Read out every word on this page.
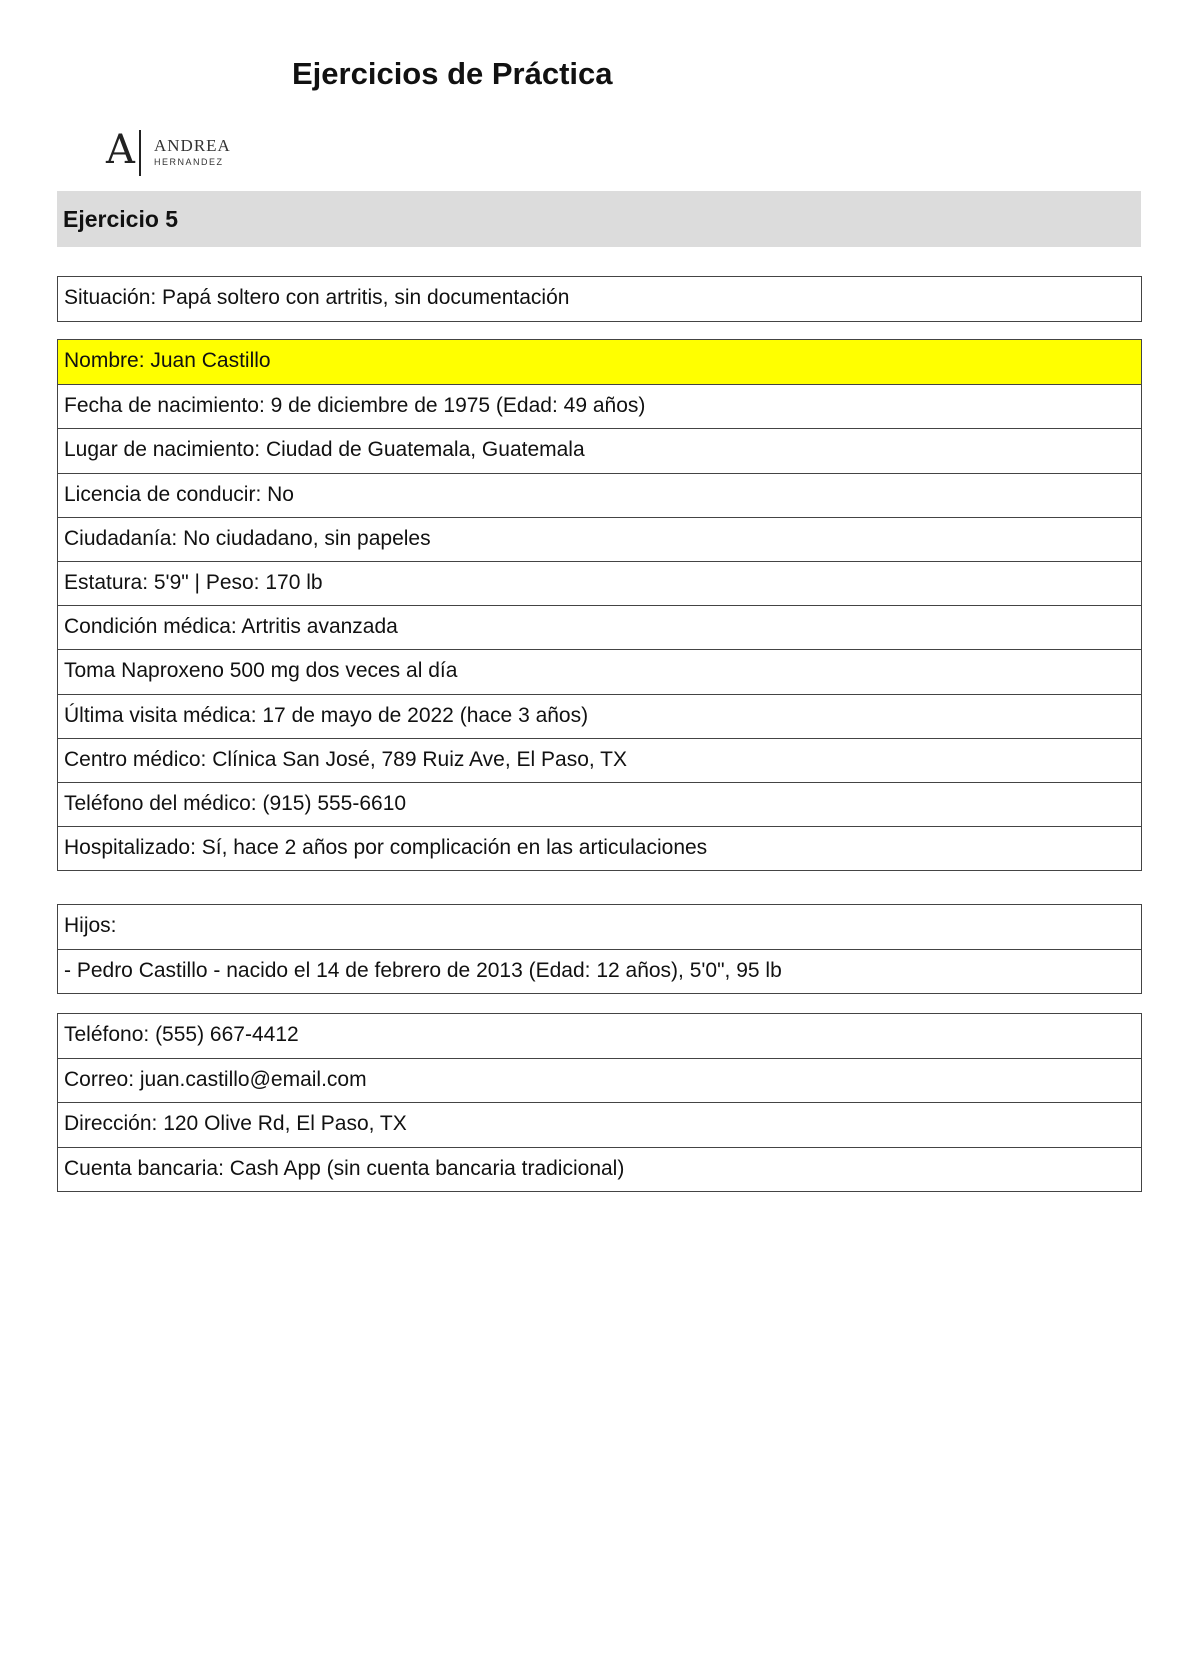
Ejercicios de Práctica
A ANDREA
HERNANDEZ
Ejercicio 5
Situación: Papá soltero con artritis, sin documentación
Nombre: Juan Castillo
Fecha de nacimiento: 9 de diciembre de 1975 (Edad: 49 años)
Lugar de nacimiento: Ciudad de Guatemala, Guatemala
Licencia de conducir: No
Ciudadanía: No ciudadano, sin papeles
Estatura: 5'9" | Peso: 170 lb
Condición médica: Artritis avanzada
Toma Naproxeno 500 mg dos veces al día
Última visita médica: 17 de mayo de 2022 (hace 3 años)
Centro médico: Clínica San José, 789 Ruiz Ave, El Paso, TX
Teléfono del médico: (915) 555-6610
Hospitalizado: Sí, hace 2 años por complicación en las articulaciones
Hijos:
- Pedro Castillo - nacido el 14 de febrero de 2013 (Edad: 12 años), 5'0", 95 lb
Teléfono: (555) 667-4412
Correo: juan.castillo@email.com
Dirección: 120 Olive Rd, El Paso, TX
Cuenta bancaria: Cash App (sin cuenta bancaria tradicional)
